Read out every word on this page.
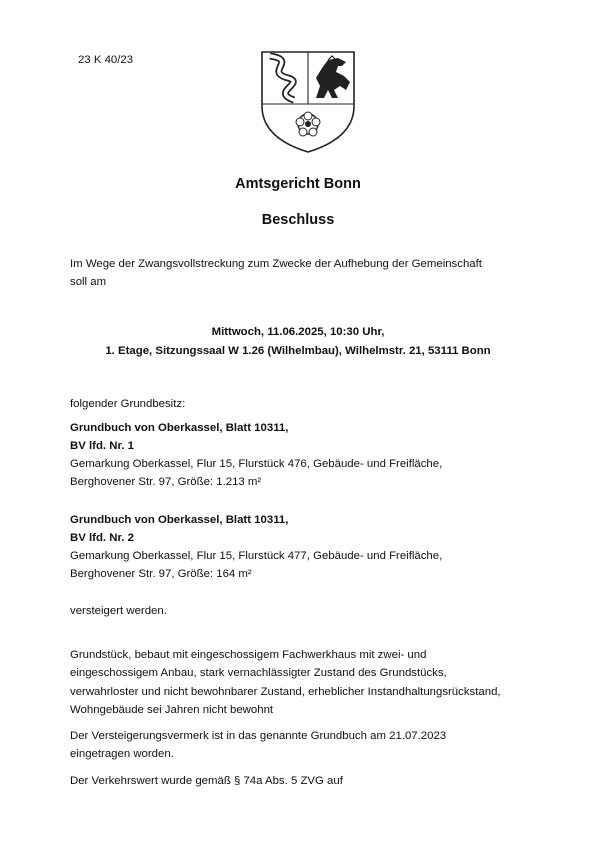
23 K 40/23
Amtsgericht Bonn
Beschluss
Im Wege der Zwangsvollstreckung zum Zwecke der Aufhebung der Gemeinschaft
soll am
Mittwoch, 11.06.2025, 10:30 Uhr,
1. Etage, Sitzungssaal W 1.26 (Wilhelmbau), Wilhelmstr. 21, 53111 Bonn
folgender Grundbesitz:
Grundbuch von Oberkassel, Blatt 10311,
BV lfd. Nr. 1
Gemarkung Oberkassel, Flur 15, Flurstück 476, Gebäude- und Freifläche,
Berghovener Str. 97, Größe: 1.213 m²
Grundbuch von Oberkassel, Blatt 10311,
BV lfd. Nr. 2
Gemarkung Oberkassel, Flur 15, Flurstück 477, Gebäude- und Freifläche,
Berghovener Str. 97, Größe: 164 m²
versteigert werden.
Grundstück, bebaut mit eingeschossigem Fachwerkhaus mit zwei- und
eingeschossigem Anbau, stark vernachlässigter Zustand des Grundstücks,
verwahrloster und nicht bewohnbarer Zustand, erheblicher Instandhaltungsrückstand,
Wohngebäude sei Jahren nicht bewohnt
Der Versteigerungsvermerk ist in das genannte Grundbuch am 21.07.2023
eingetragen worden.
Der Verkehrswert wurde gemäß § 74a Abs. 5 ZVG auf
